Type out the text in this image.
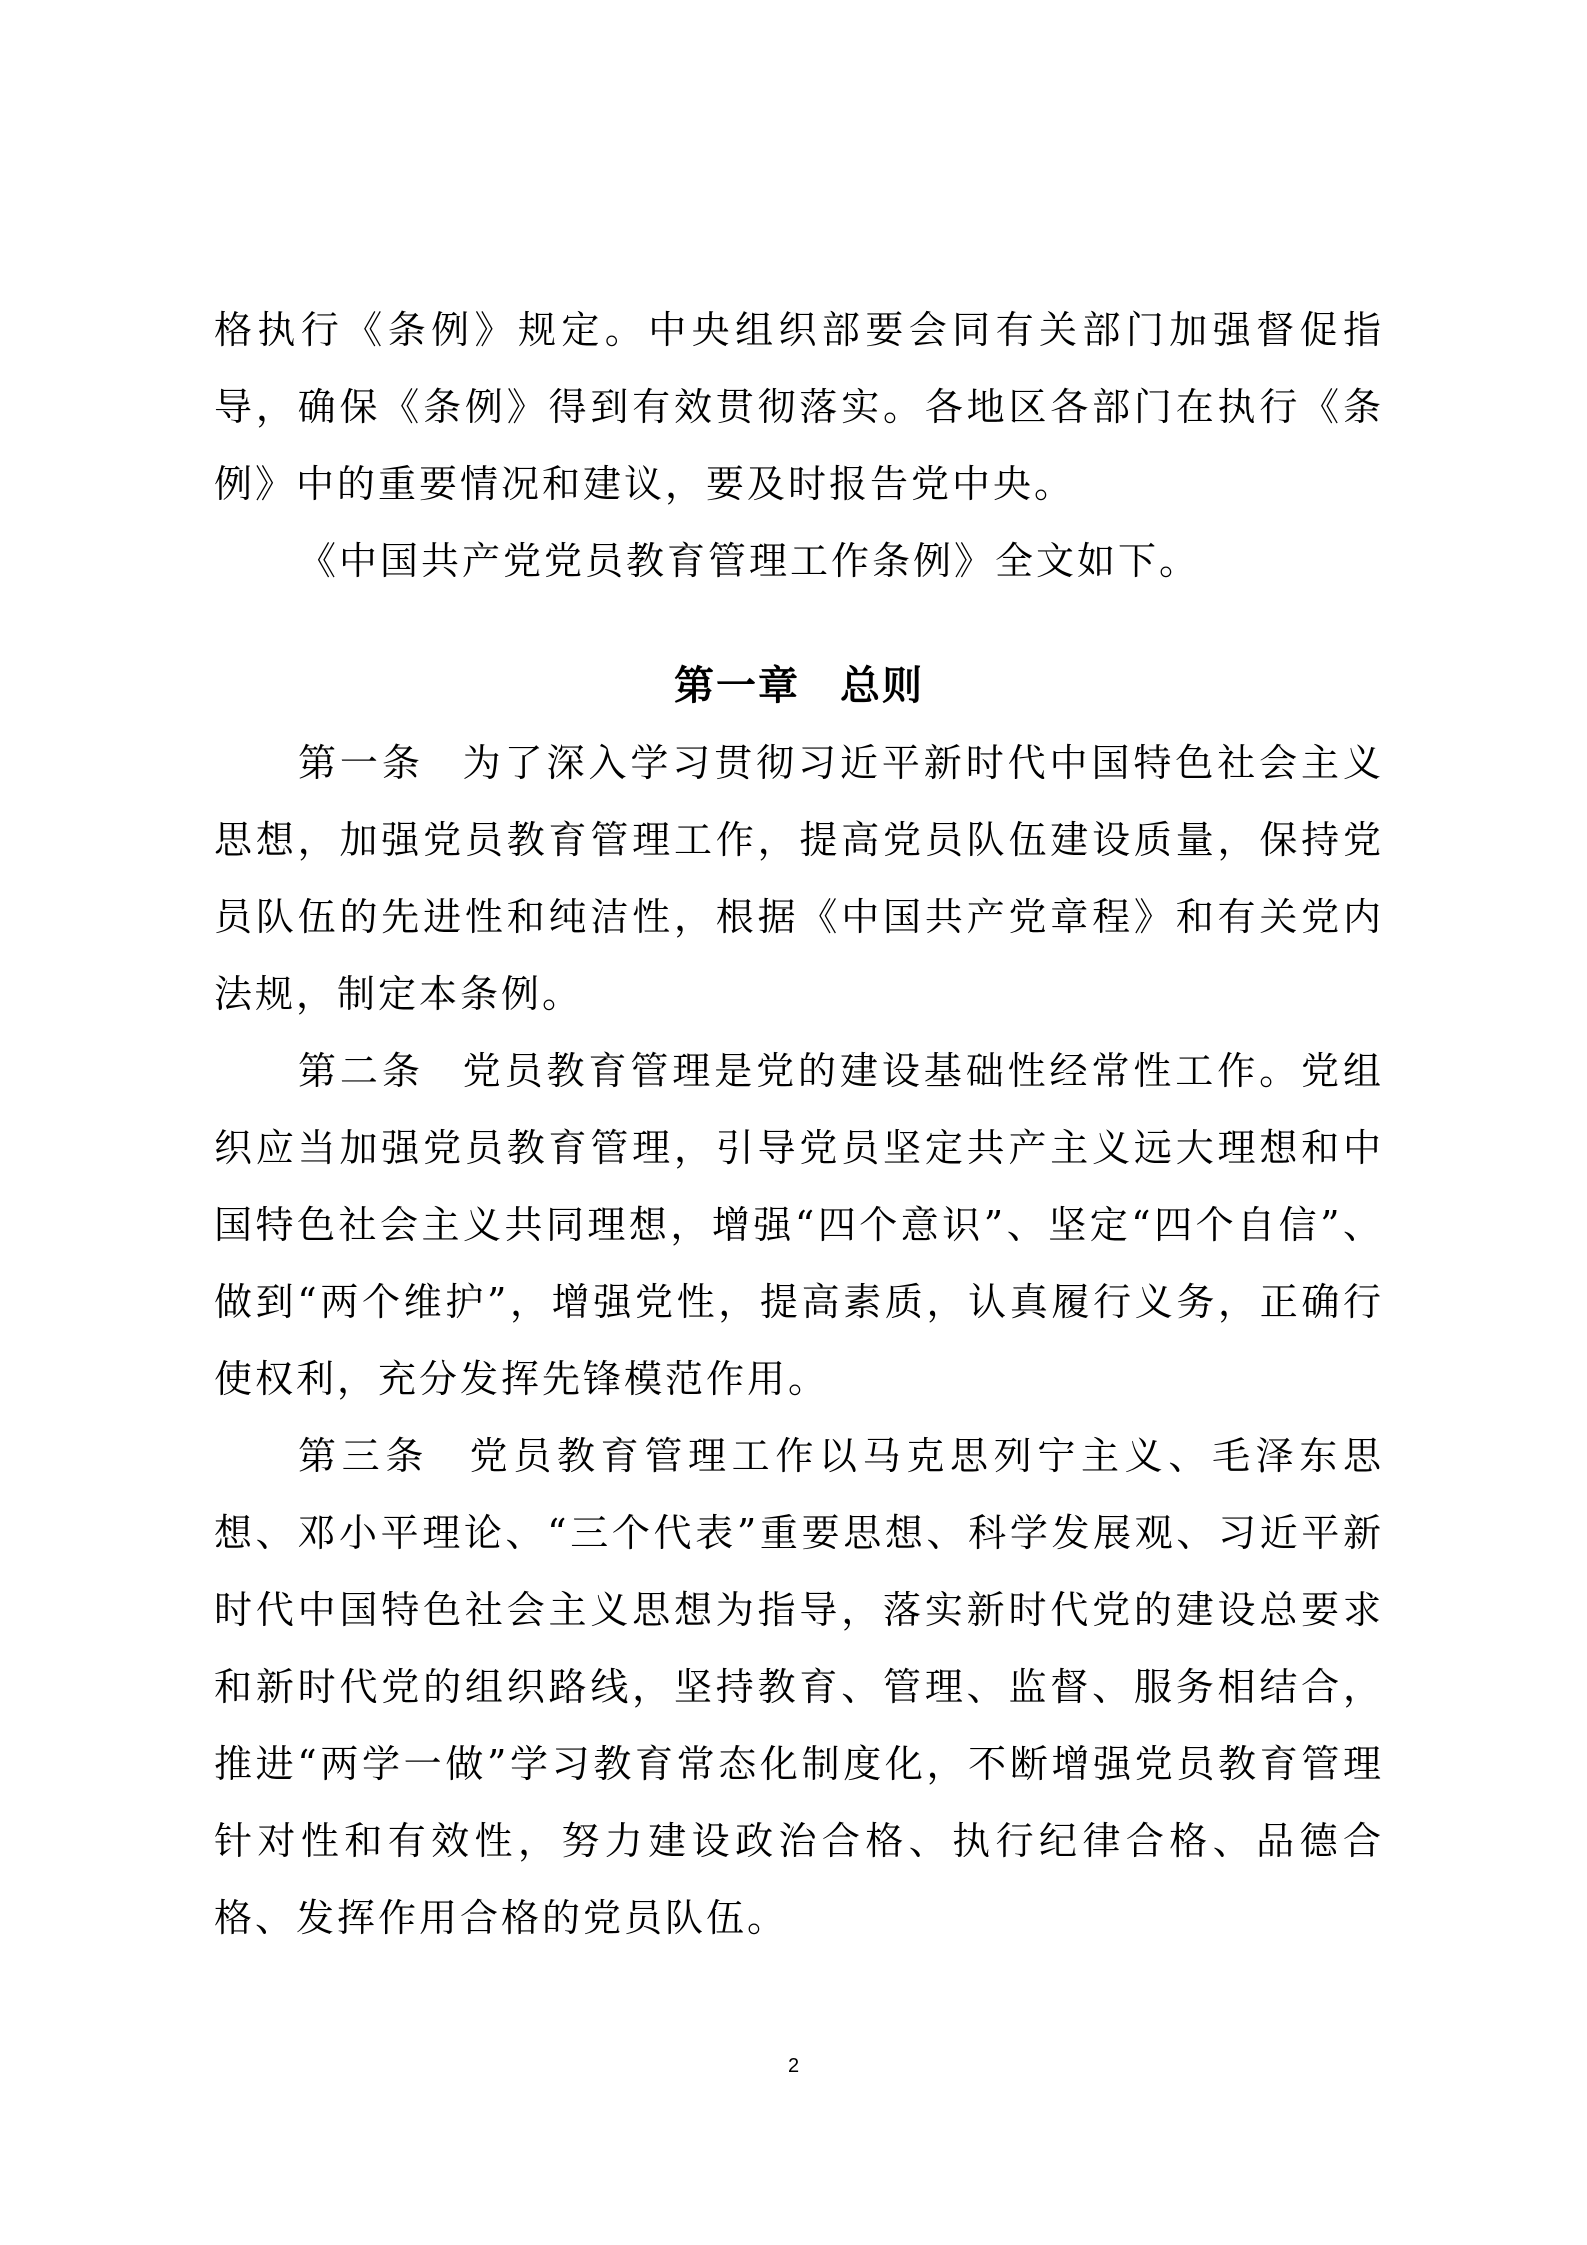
格执行《条例》规定。中央组织部要会同有关部门加强督促指导，确保《条例》得到有效贯彻落实。各地区各部门在执行《条例》中的重要情况和建议，要及时报告党中央。

《中国共产党党员教育管理工作条例》全文如下。

第一章 总则

第一条 为了深入学习贯彻习近平新时代中国特色社会主义思想，加强党员教育管理工作，提高党员队伍建设质量，保持党员队伍的先进性和纯洁性，根据《中国共产党章程》和有关党内法规，制定本条例。

第二条 党员教育管理是党的建设基础性经常性工作。党组织应当加强党员教育管理，引导党员坚定共产主义远大理想和中国特色社会主义共同理想，增强“四个意识”、坚定“四个自信”、做到“两个维护”，增强党性，提高素质，认真履行义务，正确行使权利，充分发挥先锋模范作用。

第三条 党员教育管理工作以马克思列宁主义、毛泽东思想、邓小平理论、“三个代表”重要思想、科学发展观、习近平新时代中国特色社会主义思想为指导，落实新时代党的建设总要求和新时代党的组织路线，坚持教育、管理、监督、服务相结合，推进“两学一做”学习教育常态化制度化，不断增强党员教育管理针对性和有效性，努力建设政治合格、执行纪律合格、品德合格、发挥作用合格的党员队伍。

2
